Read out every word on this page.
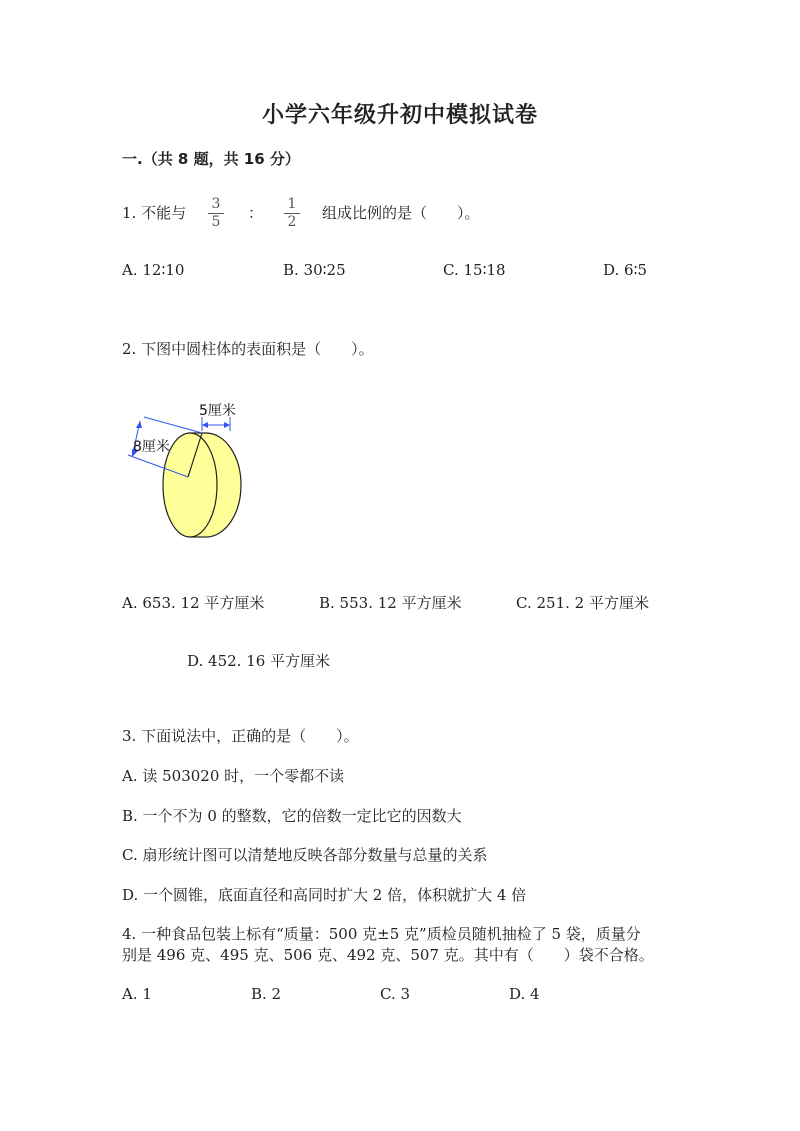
小学六年级升初中模拟试卷
一.（共 8 题，共 16 分）
1. 不能与	3
5	：	1
2	组成比例的是（　　）。
A. 12∶10	B. 30∶25	C. 15∶18	D. 6∶5
2. 下图中圆柱体的表面积是（　　）。
5厘米
8厘米
A. 653. 12 平方厘米	B. 553. 12 平方厘米	C. 251. 2 平方厘米
D. 452. 16 平方厘米
3. 下面说法中，正确的是（　　）。
A. 读 503020 时，一个零都不读
B. 一个不为 0 的整数，它的倍数一定比它的因数大
C. 扇形统计图可以清楚地反映各部分数量与总量的关系
D. 一个圆锥，底面直径和高同时扩大 2 倍，体积就扩大 4 倍
4. 一种食品包装上标有“质量：500 克±5 克”质检员随机抽检了 5 袋，质量分
别是 496 克、495 克、506 克、492 克、507 克。其中有（　　）袋不合格。
A. 1	B. 2	C. 3	D. 4
